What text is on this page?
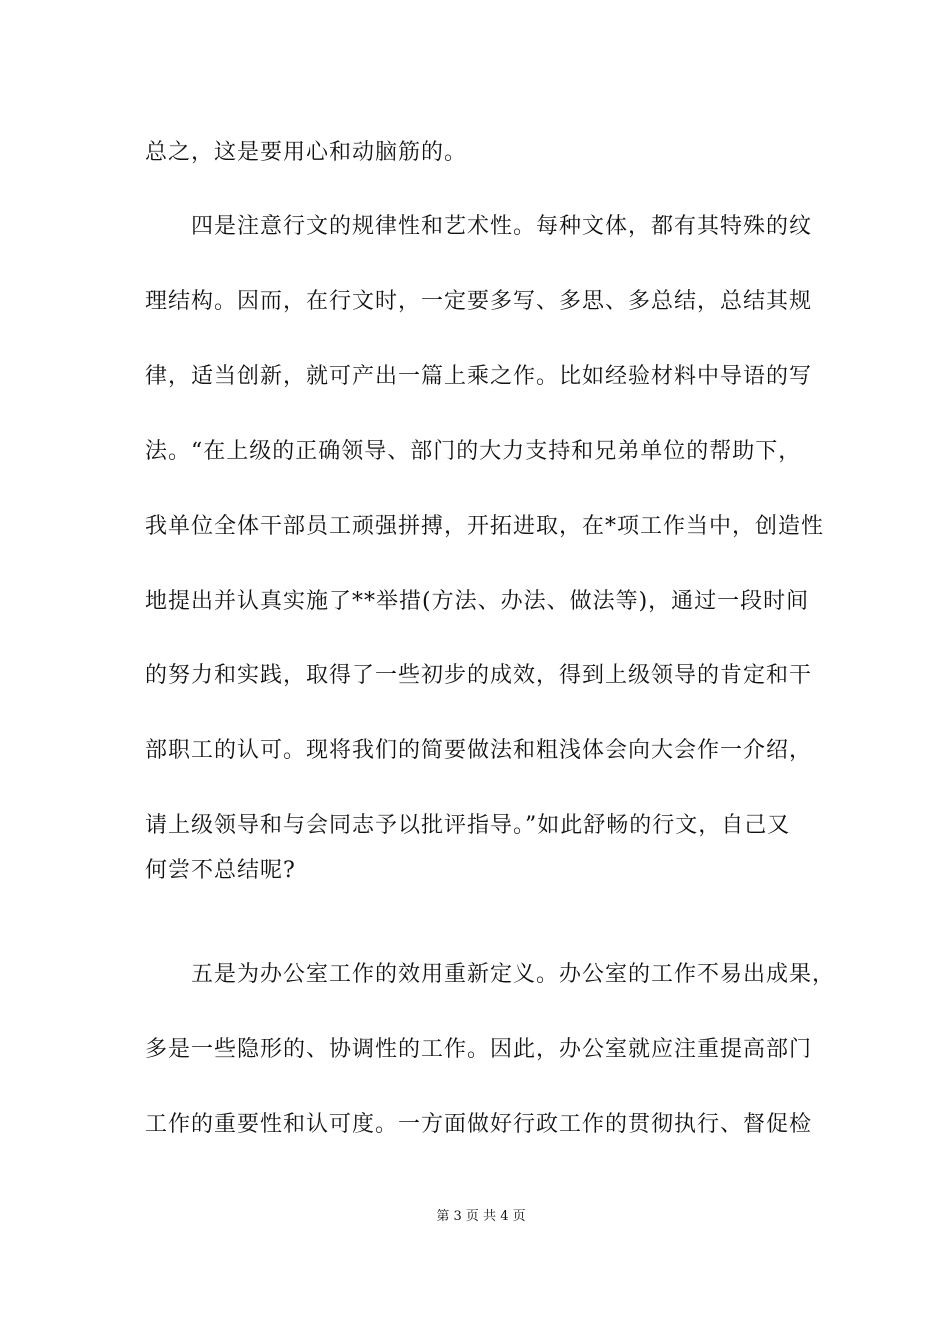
总之，这是要用心和动脑筋的。
四是注意行文的规律性和艺术性。每种文体，都有其特殊的纹
理结构。因而，在行文时，一定要多写、多思、多总结，总结其规
律，适当创新，就可产出一篇上乘之作。比如经验材料中导语的写
法。“在上级的正确领导、部门的大力支持和兄弟单位的帮助下，
我单位全体干部员工顽强拼搏，开拓进取，在*项工作当中，创造性
地提出并认真实施了**举措(方法、办法、做法等)，通过一段时间
的努力和实践，取得了一些初步的成效，得到上级领导的肯定和干
部职工的认可。现将我们的简要做法和粗浅体会向大会作一介绍，
请上级领导和与会同志予以批评指导。”如此舒畅的行文，自己又
何尝不总结呢?
五是为办公室工作的效用重新定义。办公室的工作不易出成果，
多是一些隐形的、协调性的工作。因此，办公室就应注重提高部门
工作的重要性和认可度。一方面做好行政工作的贯彻执行、督促检
第 3 页 共 4 页
